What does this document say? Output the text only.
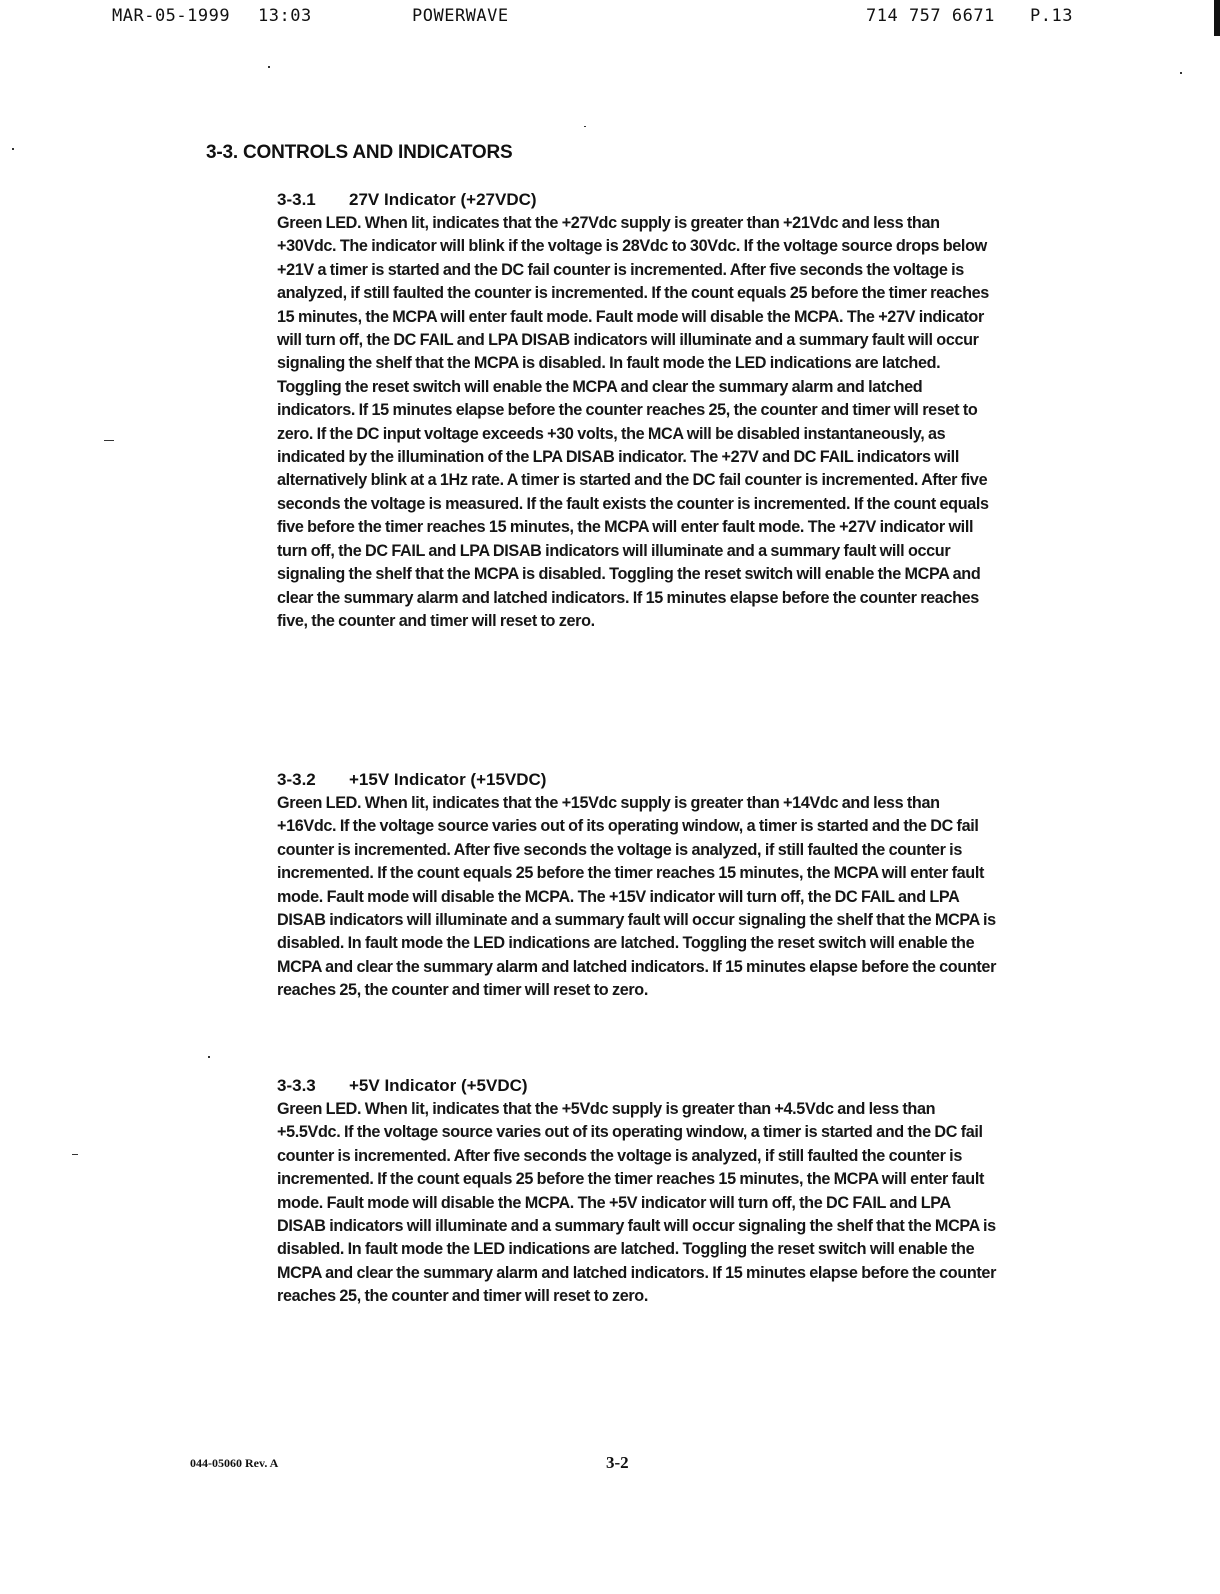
MAR-05-1999 13:03	POWERWAVE	714 757 6671 P.13
3-3. CONTROLS AND INDICATORS
3-3.1 27V Indicator (+27VDC)

Green LED. When lit, indicates that the +27Vdc supply is greater than +21Vdc and less than +30Vdc. The indicator will blink if the voltage is 28Vdc to 30Vdc. If the voltage source drops below +21V a timer is started and the DC fail counter is incremented. After five seconds the voltage is analyzed, if still faulted the counter is incremented. If the count equals 25 before the timer reaches 15 minutes, the MCPA will enter fault mode. Fault mode will disable the MCPA. The +27V indicator will turn off, the DC FAIL and LPA DISAB indicators will illuminate and a summary fault will occur signaling the shelf that the MCPA is disabled. In fault mode the LED indications are latched. Toggling the reset switch will enable the MCPA and clear the summary alarm and latched indicators. If 15 minutes elapse before the counter reaches 25, the counter and timer will reset to zero. If the DC input voltage exceeds +30 volts, the MCA will be disabled instantaneously, as indicated by the illumination of the LPA DISAB indicator. The +27V and DC FAIL indicators will alternatively blink at a 1Hz rate. A timer is started and the DC fail counter is incremented. After five seconds the voltage is measured. If the fault exists the counter is incremented. If the count equals five before the timer reaches 15 minutes, the MCPA will enter fault mode. The +27V indicator will turn off, the DC FAIL and LPA DISAB indicators will illuminate and a summary fault will occur signaling the shelf that the MCPA is disabled. Toggling the reset switch will enable the MCPA and clear the summary alarm and latched indicators. If 15 minutes elapse before the counter reaches five, the counter and timer will reset to zero.

3-3.2 +15V Indicator (+15VDC)

Green LED. When lit, indicates that the +15Vdc supply is greater than +14Vdc and less than +16Vdc. If the voltage source varies out of its operating window, a timer is started and the DC fail counter is incremented. After five seconds the voltage is analyzed, if still faulted the counter is incremented. If the count equals 25 before the timer reaches 15 minutes, the MCPA will enter fault mode. Fault mode will disable the MCPA. The +15V indicator will turn off, the DC FAIL and LPA DISAB indicators will illuminate and a summary fault will occur signaling the shelf that the MCPA is disabled. In fault mode the LED indications are latched. Toggling the reset switch will enable the MCPA and clear the summary alarm and latched indicators. If 15 minutes elapse before the counter reaches 25, the counter and timer will reset to zero.

3-3.3 +5V Indicator (+5VDC)

Green LED. When lit, indicates that the +5Vdc supply is greater than +4.5Vdc and less than +5.5Vdc. If the voltage source varies out of its operating window, a timer is started and the DC fail counter is incremented. After five seconds the voltage is analyzed, if still faulted the counter is incremented. If the count equals 25 before the timer reaches 15 minutes, the MCPA will enter fault mode. Fault mode will disable the MCPA. The +5V indicator will turn off, the DC FAIL and LPA DISAB indicators will illuminate and a summary fault will occur signaling the shelf that the MCPA is disabled. In fault mode the LED indications are latched. Toggling the reset switch will enable the MCPA and clear the summary alarm and latched indicators. If 15 minutes elapse before the counter reaches 25, the counter and timer will reset to zero.

044-05060 Rev. A	3-2
